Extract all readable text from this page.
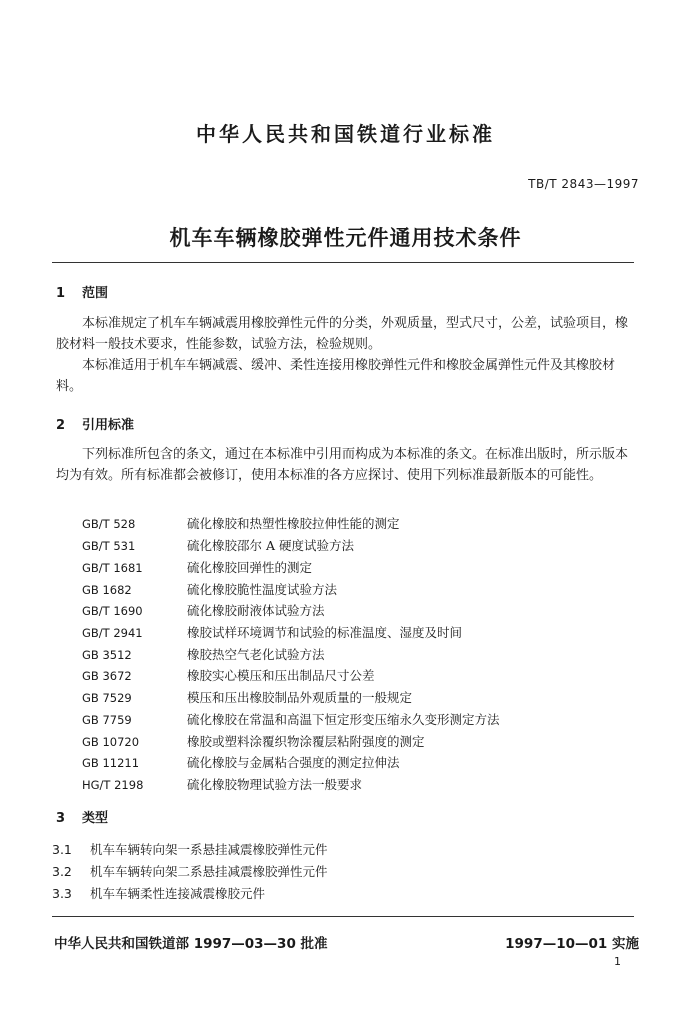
中华人民共和国铁道行业标准
TB/T 2843—1997
机车车辆橡胶弹性元件通用技术条件
1 范围

本标准规定了机车车辆减震用橡胶弹性元件的分类，外观质量，型式尺寸，公差，试验项目，橡胶材料一般技术要求，性能参数，试验方法，检验规则。

本标准适用于机车车辆减震、缓冲、柔性连接用橡胶弹性元件和橡胶金属弹性元件及其橡胶材料。

2 引用标准

下列标准所包含的条文，通过在本标准中引用而构成为本标准的条文。在标准出版时，所示版本均为有效。所有标准都会被修订，使用本标准的各方应探讨、使用下列标准最新版本的可能性。

GB/T 528	硫化橡胶和热塑性橡胶拉伸性能的测定
GB/T 531	硫化橡胶邵尔 A 硬度试验方法
GB/T 1681	硫化橡胶回弹性的测定
GB 1682	硫化橡胶脆性温度试验方法
GB/T 1690	硫化橡胶耐液体试验方法
GB/T 2941	橡胶试样环境调节和试验的标准温度、湿度及时间
GB 3512	橡胶热空气老化试验方法
GB 3672	橡胶实心模压和压出制品尺寸公差
GB 7529	模压和压出橡胶制品外观质量的一般规定
GB 7759	硫化橡胶在常温和高温下恒定形变压缩永久变形测定方法
GB 10720	橡胶或塑料涂覆织物涂覆层粘附强度的测定
GB 11211	硫化橡胶与金属粘合强度的测定拉伸法
HG/T 2198	硫化橡胶物理试验方法一般要求
3 类型
3.1 机车车辆转向架一系悬挂减震橡胶弹性元件
3.2 机车车辆转向架二系悬挂减震橡胶弹性元件
3.3 机车车辆柔性连接减震橡胶元件
中华人民共和国铁道部 1997—03—30 批准	1997—10—01 实施
1
